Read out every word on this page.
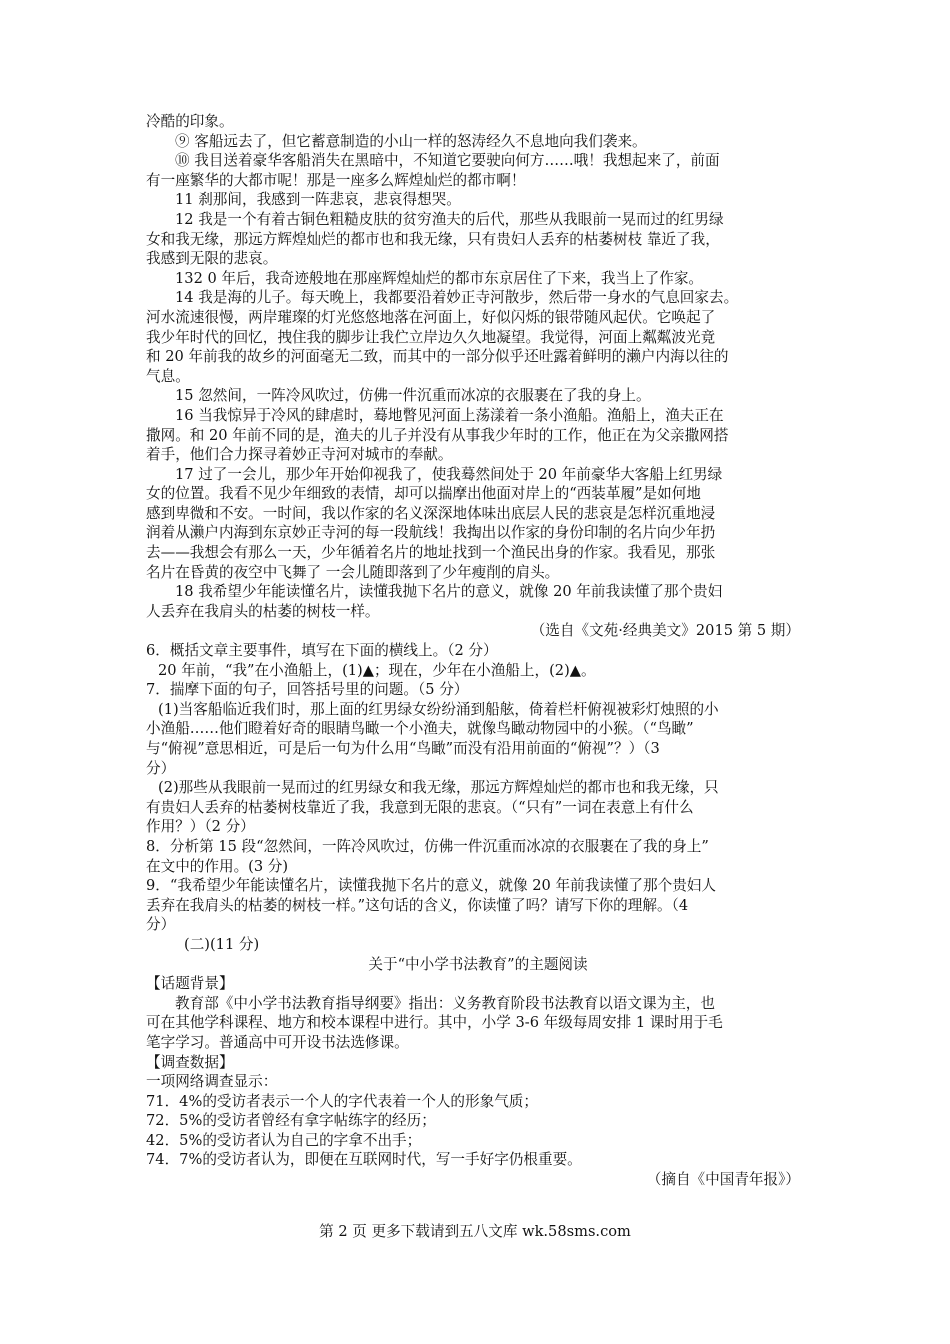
冷酷的印象。
⑨ 客船远去了，但它蓄意制造的小山一样的怒涛经久不息地向我们袭来。
⑩ 我目送着豪华客船消失在黑暗中，不知道它要驶向何方……哦！我想起来了，前面
有一座繁华的大都市呢！那是一座多么辉煌灿烂的都市啊！
11 刹那间，我感到一阵悲哀，悲哀得想哭。
12 我是一个有着古铜色粗糙皮肤的贫穷渔夫的后代，那些从我眼前一晃而过的红男绿
女和我无缘，那远方辉煌灿烂的都市也和我无缘，只有贵妇人丢弃的枯萎树枝 靠近了我，
我感到无限的悲哀。
132 0 年后，我奇迹般地在那座辉煌灿烂的都市东京居住了下来，我当上了作家。
14 我是海的儿子。每天晚上，我都要沿着妙正寺河散步，然后带一身水的气息回家去。
河水流速很慢，两岸璀璨的灯光悠悠地落在河面上，好似闪烁的银带随风起伏。它唤起了
我少年时代的回忆，拽住我的脚步让我伫立岸边久久地凝望。我觉得，河面上粼粼波光竟
和 20 年前我的故乡的河面毫无二致，而其中的一部分似乎还吐露着鲜明的濑户内海以往的
气息。
15 忽然间，一阵冷风吹过，仿佛一件沉重而冰凉的衣服裹在了我的身上。
16 当我惊异于冷风的肆虐时，蓦地瞥见河面上荡漾着一条小渔船。渔船上，渔夫正在
撒网。和 20 年前不同的是，渔夫的儿子并没有从事我少年时的工作，他正在为父亲撒网搭
着手，他们合力探寻着妙正寺河对城市的奉献。
17 过了一会儿，那少年开始仰视我了，使我蓦然间处于 20 年前豪华大客船上红男绿
女的位置。我看不见少年细致的表情，却可以揣摩出他面对岸上的“西装革履”是如何地
感到卑微和不安。一时间，我以作家的名义深深地体味出底层人民的悲哀是怎样沉重地浸
润着从濑户内海到东京妙正寺河的每一段航线！我掏出以作家的身份印制的名片向少年扔
去——我想会有那么一天，少年循着名片的地址找到一个渔民出身的作家。我看见，那张
名片在昏黄的夜空中飞舞了 一会儿随即落到了少年瘦削的肩头。
18 我希望少年能读懂名片，读懂我抛下名片的意义，就像 20 年前我读懂了那个贵妇
人丢弃在我肩头的枯萎的树枝一样。
（选自《文苑·经典美文》2015 第 5 期）
6．概括文章主要事件，填写在下面的横线上。（2 分）
20 年前，“我”在小渔船上，(1)▲；现在，少年在小渔船上，(2)▲。
7．揣摩下面的句子，回答括号里的问题。（5 分）
(1)当客船临近我们时，那上面的红男绿女纷纷涌到船舷，倚着栏杆俯视被彩灯烛照的小
小渔船……他们瞪着好奇的眼睛鸟瞰一个小渔夫，就像鸟瞰动物园中的小猴。（“鸟瞰”
与“俯视”意思相近，可是后一句为什么用“鸟瞰”而没有沿用前面的“俯视”？）（3
分）
(2)那些从我眼前一晃而过的红男绿女和我无缘，那远方辉煌灿烂的都市也和我无缘，只
有贵妇人丢弃的枯萎树枝靠近了我，我意到无限的悲哀。（“只有”一词在表意上有什么
作用？）（2 分）
8．分析第 15 段“忽然间，一阵冷风吹过，仿佛一件沉重而冰凉的衣服裹在了我的身上”
在文中的作用。(3 分)
9．“我希望少年能读懂名片，读懂我抛下名片的意义，就像 20 年前我读懂了那个贵妇人
丢弃在我肩头的枯萎的树枝一样。”这句话的含义，你读懂了吗？请写下你的理解。（4
分）
(二)(11 分)
关于“中小学书法教育”的主题阅读
【话题背景】
教育部《中小学书法教育指导纲要》指出：义务教育阶段书法教育以语文课为主，也
可在其他学科课程、地方和校本课程中进行。其中，小学 3-6 年级每周安排 1 课时用于毛
笔字学习。普通高中可开设书法选修课。
【调查数据】
一项网络调查显示：
71．4%的受访者表示一个人的字代表着一个人的形象气质；
72．5%的受访者曾经有拿字帖练字的经历；
42．5%的受访者认为自己的字拿不出手；
74．7%的受访者认为，即便在互联网时代，写一手好字仍根重要。
（摘自《中国青年报》）
第 2 页 更多下载请到五八文库 wk.58sms.com
